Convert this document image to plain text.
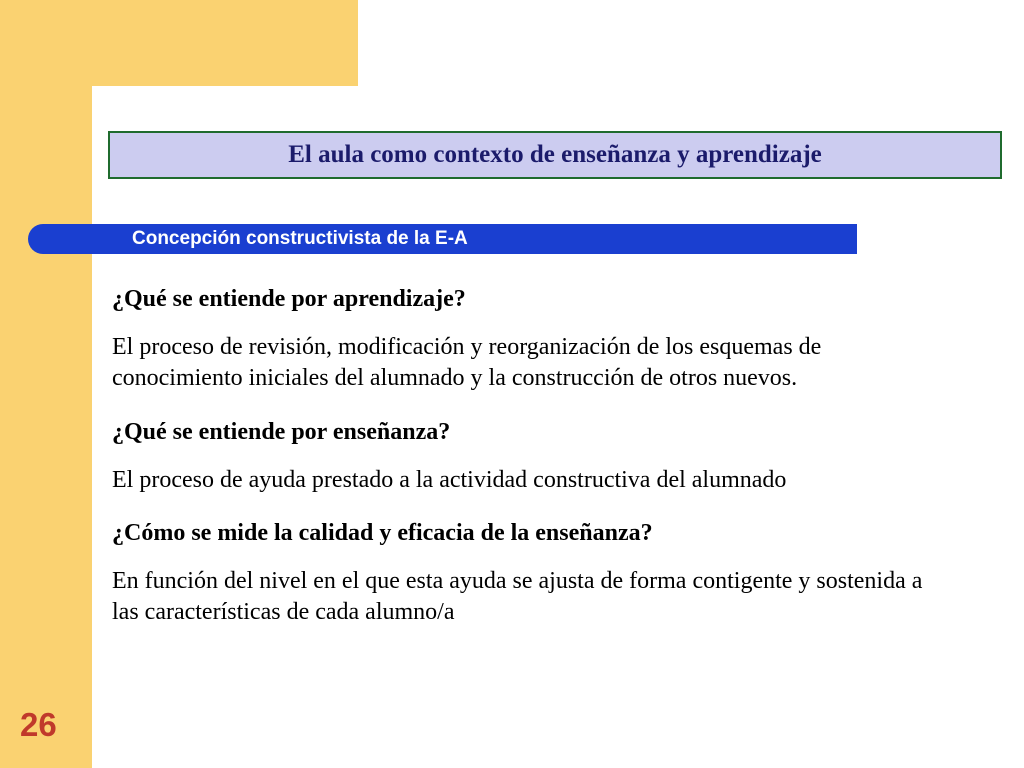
26
El aula como contexto de enseñanza y aprendizaje
Concepción constructivista de la E-A

¿Qué se entiende por aprendizaje?

El proceso de revisión, modificación y reorganización de los esquemas de conocimiento iniciales del alumnado y la construcción de otros nuevos.

¿Qué se entiende por enseñanza?

El proceso de ayuda prestado a la actividad constructiva del alumnado

¿Cómo se mide la calidad y eficacia de la enseñanza?

En función del nivel en el que esta ayuda se ajusta de forma contigente y sostenida a las características de cada alumno/a
